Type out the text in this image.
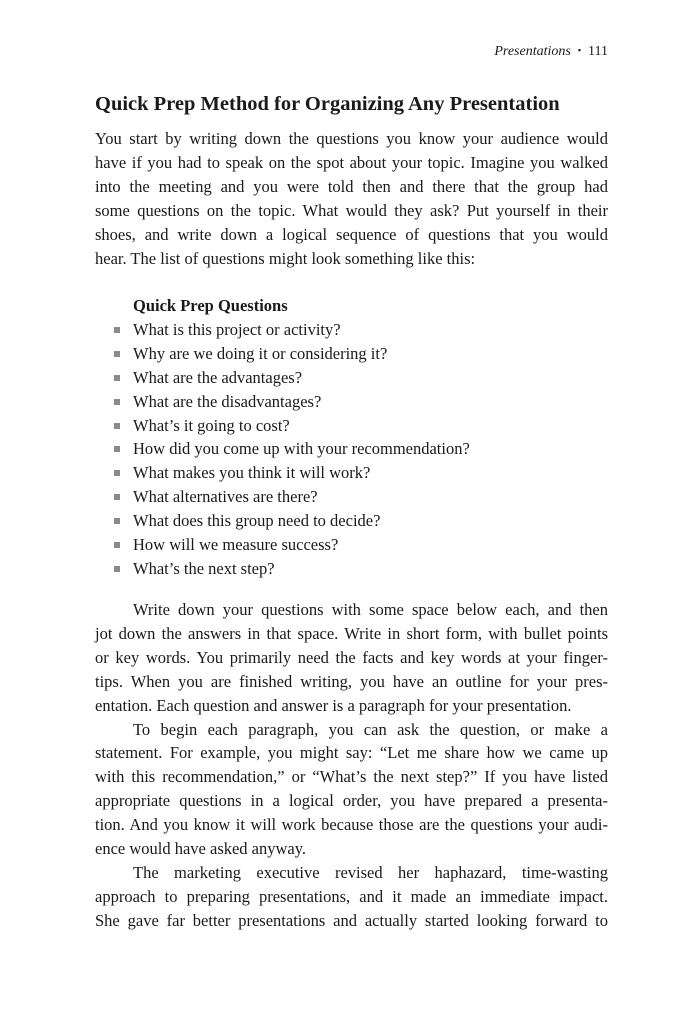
Presentations ▪ 111
Quick Prep Method for Organizing Any Presentation

You start by writing down the questions you know your audience would
have if you had to speak on the spot about your topic. Imagine you walked
into the meeting and you were told then and there that the group had
some questions on the topic. What would they ask? Put yourself in their
shoes, and write down a logical sequence of questions that you would
hear. The list of questions might look something like this:

Quick Prep Questions
What is this project or activity?
Why are we doing it or considering it?
What are the advantages?
What are the disadvantages?
What’s it going to cost?
How did you come up with your recommendation?
What makes you think it will work?
What alternatives are there?
What does this group need to decide?
How will we measure success?
What’s the next step?

Write down your questions with some space below each, and then
jot down the answers in that space. Write in short form, with bullet points
or key words. You primarily need the facts and key words at your finger-
tips. When you are finished writing, you have an outline for your pres-
entation. Each question and answer is a paragraph for your presentation.
To begin each paragraph, you can ask the question, or make a
statement. For example, you might say: “Let me share how we came up
with this recommendation,” or “What’s the next step?” If you have listed
appropriate questions in a logical order, you have prepared a presenta-
tion. And you know it will work because those are the questions your audi-
ence would have asked anyway.
The marketing executive revised her haphazard, time-wasting
approach to preparing presentations, and it made an immediate impact.
She gave far better presentations and actually started looking forward to
